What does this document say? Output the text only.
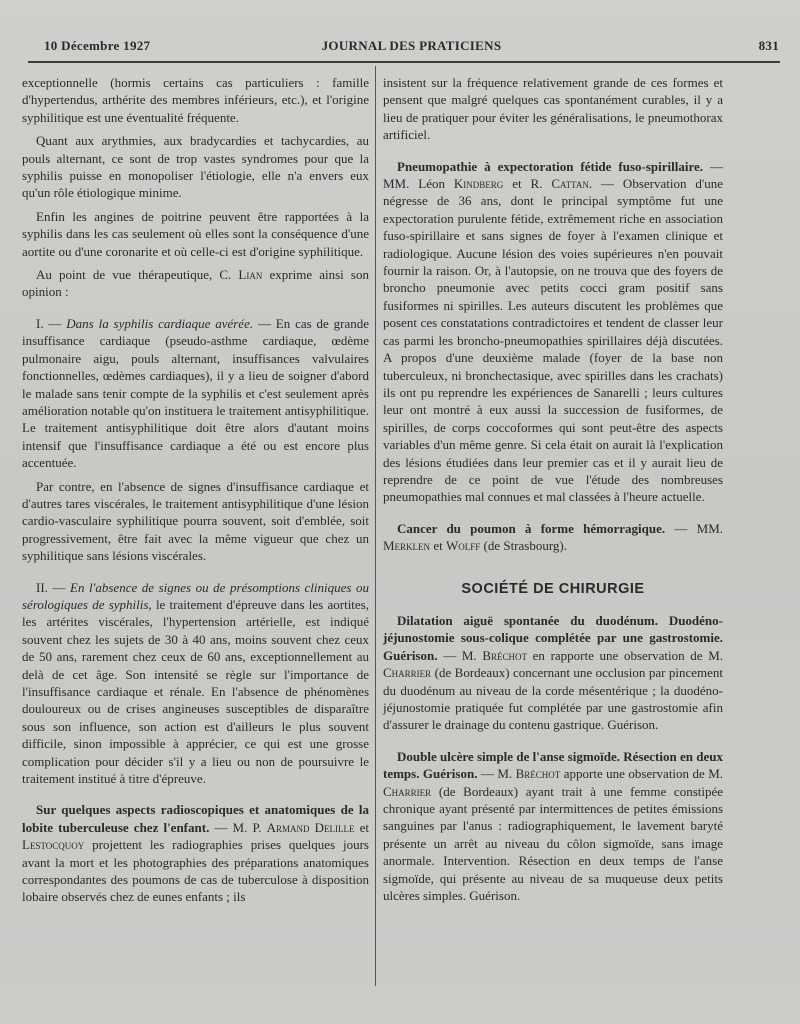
10 Décembre 1927	JOURNAL DES PRATICIENS	831

exceptionnelle (hormis certains cas particuliers : famille d'hypertendus, arthérite des membres inférieurs, etc.), et l'origine syphilitique est une éventualité fréquente.

Quant aux arythmies, aux bradycardies et tachycardies, au pouls alternant, ce sont de trop vastes syndromes pour que la syphilis puisse en monopoliser l'étiologie, elle n'a envers eux qu'un rôle étiologique minime.

Enfin les angines de poitrine peuvent être rapportées à la syphilis dans les cas seulement où elles sont la conséquence d'une aortite ou d'une coronarite et où celle-ci est d'origine syphilitique.

Au point de vue thérapeutique, C. Lian exprime ainsi son opinion :

I. — Dans la syphilis cardiaque avérée. — En cas de grande insuffisance cardiaque (pseudo-asthme cardiaque, œdème pulmonaire aigu, pouls alternant, insuffisances valvulaires fonctionnelles, œdèmes cardiaques), il y a lieu de soigner d'abord le malade sans tenir compte de la syphilis et c'est seulement après amélioration notable qu'on instituera le traitement antisyphilitique. Le traitement antisyphilitique doit être alors d'autant moins intensif que l'insuffisance cardiaque a été ou est encore plus accentuée.

Par contre, en l'absence de signes d'insuffisance cardiaque et d'autres tares viscérales, le traitement antisyphilitique d'une lésion cardio-vasculaire syphilitique pourra souvent, soit d'emblée, soit progressivement, être fait avec la même vigueur que chez un syphilitique sans lésions viscérales.

II. — En l'absence de signes ou de présomptions cliniques ou sérologiques de syphilis, le traitement d'épreuve dans les aortites, les artérites viscérales, l'hypertension artérielle, est indiqué souvent chez les sujets de 30 à 40 ans, moins souvent chez ceux de 50 ans, rarement chez ceux de 60 ans, exceptionnellement au delà de cet âge. Son intensité se règle sur l'importance de l'insuffisance cardiaque et rénale. En l'absence de phénomènes douloureux ou de crises angineuses susceptibles de disparaître sous son influence, son action est d'ailleurs le plus souvent difficile, sinon impossible à apprécier, ce qui est une grosse complication pour décider s'il y a lieu ou non de poursuivre le traitement institué à titre d'épreuve.

Sur quelques aspects radioscopiques et anatomiques de la lobite tuberculeuse chez l'enfant. — M. P. Armand Delille et Lestocquoy projettent les radiographies prises quelques jours avant la mort et les photographies des préparations anatomiques correspondantes des poumons de cas de tuberculose à disposition lobaire observés chez de eunes enfants ; ils

insistent sur la fréquence relativement grande de ces formes et pensent que malgré quelques cas spontanément curables, il y a lieu de pratiquer pour éviter les généralisations, le pneumothorax artificiel.

Pneumopathie à expectoration fétide fuso-spirillaire. — MM. Léon Kindberg et R. Cattan. — Observation d'une négresse de 36 ans, dont le principal symptôme fut une expectoration purulente fétide, extrêmement riche en association fuso-spirillaire et sans signes de foyer à l'examen clinique et radiologique. Aucune lésion des voies supérieures n'en pouvait fournir la raison. Or, à l'autopsie, on ne trouva que des foyers de broncho pneumonie avec petits cocci gram positif sans fusiformes ni spirilles. Les auteurs discutent les problèmes que posent ces constatations contradictoires et tendent de classer leur cas parmi les broncho-pneumopathies spirillaires déjà discutées. A propos d'une deuxième malade (foyer de la base non tuberculeux, ni bronchectasique, avec spirilles dans les crachats) ils ont pu reprendre les expériences de Sanarelli ; leurs cultures leur ont montré à eux aussi la succession de fusiformes, de spirilles, de corps coccoformes qui sont peut-être des aspects variables d'un même genre. Si cela était on aurait là l'explication des lésions étudiées dans leur premier cas et il y aurait lieu de reprendre de ce point de vue l'étude des nombreuses pneumopathies mal connues et mal classées à l'heure actuelle.

Cancer du poumon à forme hémorragique. — MM. Merklen et Wolff (de Strasbourg).

SOCIÉTÉ DE CHIRURGIE

Dilatation aiguë spontanée du duodénum. Duodéno-jéjunostomie sous-colique complétée par une gastrostomie. Guérison. — M. Bréchot en rapporte une observation de M. Charrier (de Bordeaux) concernant une occlusion par pincement du duodénum au niveau de la corde mésentérique ; la duodéno-jéjunostomie pratiquée fut complétée par une gastrostomie afin d'assurer le drainage du contenu gastrique. Guérison.

Double ulcère simple de l'anse sigmoïde. Résection en deux temps. Guérison. — M. Bréchot apporte une observation de M. Charrier (de Bordeaux) ayant trait à une femme constipée chronique ayant présenté par intermittences de petites émissions sanguines par l'anus : radiographiquement, le lavement baryté présente un arrêt au niveau du côlon sigmoïde, sans image anormale. Intervention. Résection en deux temps de l'anse sigmoïde, qui présente au niveau de sa muqueuse deux petits ulcères simples. Guérison.
